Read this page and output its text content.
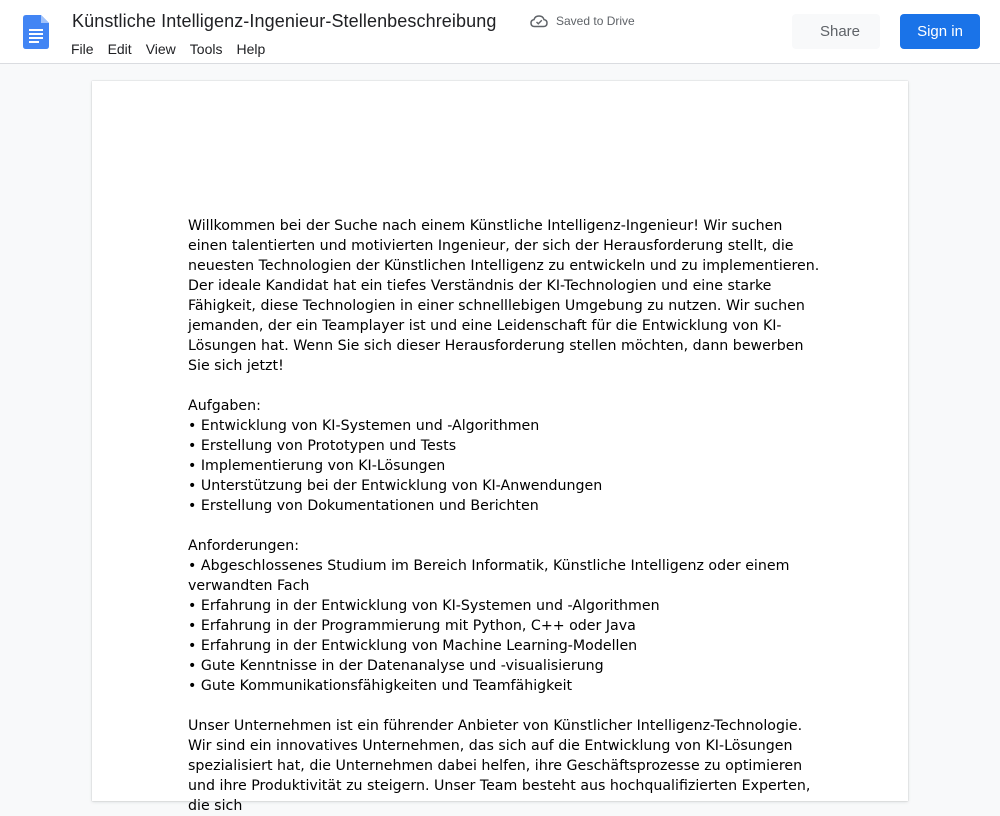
Künstliche Intelligenz-Ingenieur-Stellenbeschreibung	Saved to Drive
File	Edit	View	Tools	Help
Share	Sign in

Willkommen bei der Suche nach einem Künstliche Intelligenz-Ingenieur! Wir suchen einen talentierten und motivierten Ingenieur, der sich der Herausforderung stellt, die neuesten Technologien der Künstlichen Intelligenz zu entwickeln und zu implementieren. Der ideale Kandidat hat ein tiefes Verständnis der KI-Technologien und eine starke Fähigkeit, diese Technologien in einer schnelllebigen Umgebung zu nutzen. Wir suchen jemanden, der ein Teamplayer ist und eine Leidenschaft für die Entwicklung von KI-Lösungen hat. Wenn Sie sich dieser Herausforderung stellen möchten, dann bewerben Sie sich jetzt!

Aufgaben:

• Entwicklung von KI-Systemen und -Algorithmen

• Erstellung von Prototypen und Tests

• Implementierung von KI-Lösungen

• Unterstützung bei der Entwicklung von KI-Anwendungen

• Erstellung von Dokumentationen und Berichten

Anforderungen:

• Abgeschlossenes Studium im Bereich Informatik, Künstliche Intelligenz oder einem verwandten Fach

• Erfahrung in der Entwicklung von KI-Systemen und -Algorithmen

• Erfahrung in der Programmierung mit Python, C++ oder Java

• Erfahrung in der Entwicklung von Machine Learning-Modellen

• Gute Kenntnisse in der Datenanalyse und -visualisierung

• Gute Kommunikationsfähigkeiten und Teamfähigkeit

Unser Unternehmen ist ein führender Anbieter von Künstlicher Intelligenz-Technologie. Wir sind ein innovatives Unternehmen, das sich auf die Entwicklung von KI-Lösungen spezialisiert hat, die Unternehmen dabei helfen, ihre Geschäftsprozesse zu optimieren und ihre Produktivität zu steigern. Unser Team besteht aus hochqualifizierten Experten, die sich
